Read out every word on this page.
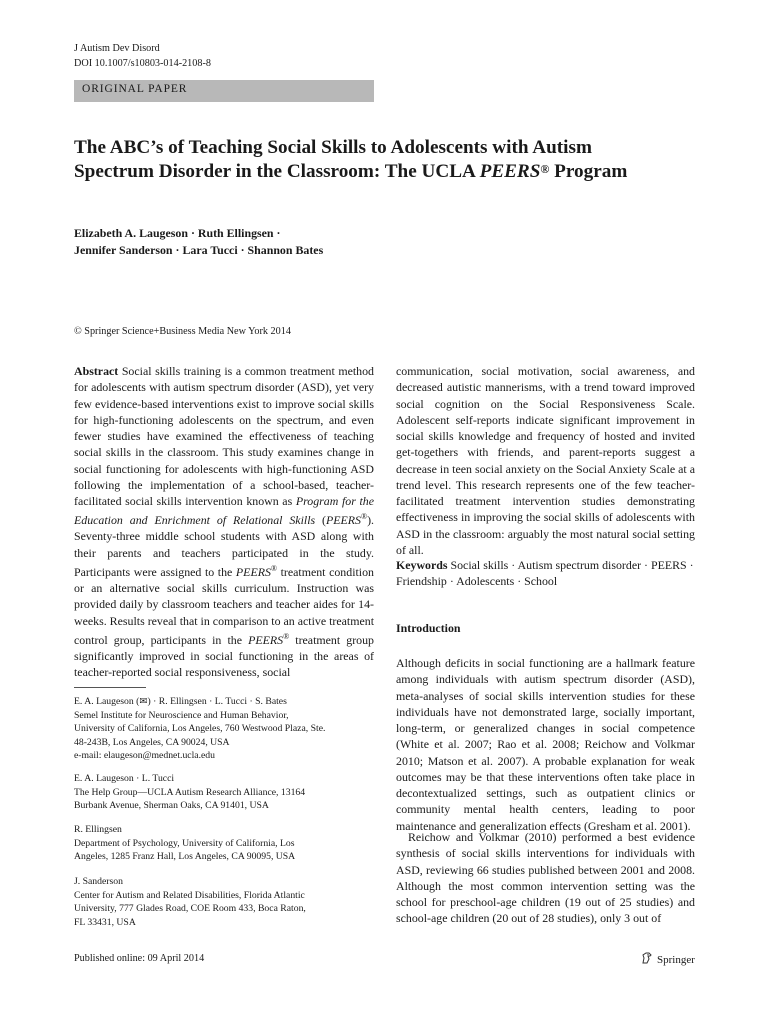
J Autism Dev Disord
DOI 10.1007/s10803-014-2108-8
ORIGINAL PAPER
The ABC’s of Teaching Social Skills to Adolescents with Autism Spectrum Disorder in the Classroom: The UCLA PEERS® Program
Elizabeth A. Laugeson · Ruth Ellingsen ·
Jennifer Sanderson · Lara Tucci · Shannon Bates
© Springer Science+Business Media New York 2014
Abstract Social skills training is a common treatment method for adolescents with autism spectrum disorder (ASD), yet very few evidence-based interventions exist to improve social skills for high-functioning adolescents on the spectrum, and even fewer studies have examined the effectiveness of teaching social skills in the classroom. This study examines change in social functioning for adolescents with high-functioning ASD following the implementation of a school-based, teacher-facilitated social skills intervention known as Program for the Education and Enrichment of Relational Skills (PEERS®). Seventy-three middle school students with ASD along with their parents and teachers participated in the study. Participants were assigned to the PEERS® treatment condition or an alternative social skills curriculum. Instruction was provided daily by classroom teachers and teacher aides for 14-weeks. Results reveal that in comparison to an active treatment control group, participants in the PEERS® treatment group significantly improved in social functioning in the areas of teacher-reported social responsiveness, social
communication, social motivation, social awareness, and decreased autistic mannerisms, with a trend toward improved social cognition on the Social Responsiveness Scale. Adolescent self-reports indicate significant improvement in social skills knowledge and frequency of hosted and invited get-togethers with friends, and parent-reports suggest a decrease in teen social anxiety on the Social Anxiety Scale at a trend level. This research represents one of the few teacher-facilitated treatment intervention studies demonstrating effectiveness in improving the social skills of adolescents with ASD in the classroom: arguably the most natural social setting of all.
Keywords Social skills · Autism spectrum disorder · PEERS · Friendship · Adolescents · School
Introduction
Although deficits in social functioning are a hallmark feature among individuals with autism spectrum disorder (ASD), meta-analyses of social skills intervention studies for these individuals have not demonstrated large, socially important, long-term, or generalized changes in social competence (White et al. 2007; Rao et al. 2008; Reichow and Volkmar 2010; Matson et al. 2007). A probable explanation for weak outcomes may be that these interventions often take place in decontextualized settings, such as outpatient clinics or community mental health centers, leading to poor maintenance and generalization effects (Gresham et al. 2001).
Reichow and Volkmar (2010) performed a best evidence synthesis of social skills interventions for individuals with ASD, reviewing 66 studies published between 2001 and 2008. Although the most common intervention setting was the school for preschool-age children (19 out of 25 studies) and school-age children (20 out of 28 studies), only 3 out of
E. A. Laugeson (✉) · R. Ellingsen · L. Tucci · S. Bates
Semel Institute for Neuroscience and Human Behavior,
University of California, Los Angeles, 760 Westwood Plaza, Ste.
48-243B, Los Angeles, CA 90024, USA
e-mail: elaugeson@mednet.ucla.edu
E. A. Laugeson · L. Tucci
The Help Group—UCLA Autism Research Alliance, 13164
Burbank Avenue, Sherman Oaks, CA 91401, USA
R. Ellingsen
Department of Psychology, University of California, Los
Angeles, 1285 Franz Hall, Los Angeles, CA 90095, USA
J. Sanderson
Center for Autism and Related Disabilities, Florida Atlantic
University, 777 Glades Road, COE Room 433, Boca Raton,
FL 33431, USA
Published online: 09 April 2014	Springer
